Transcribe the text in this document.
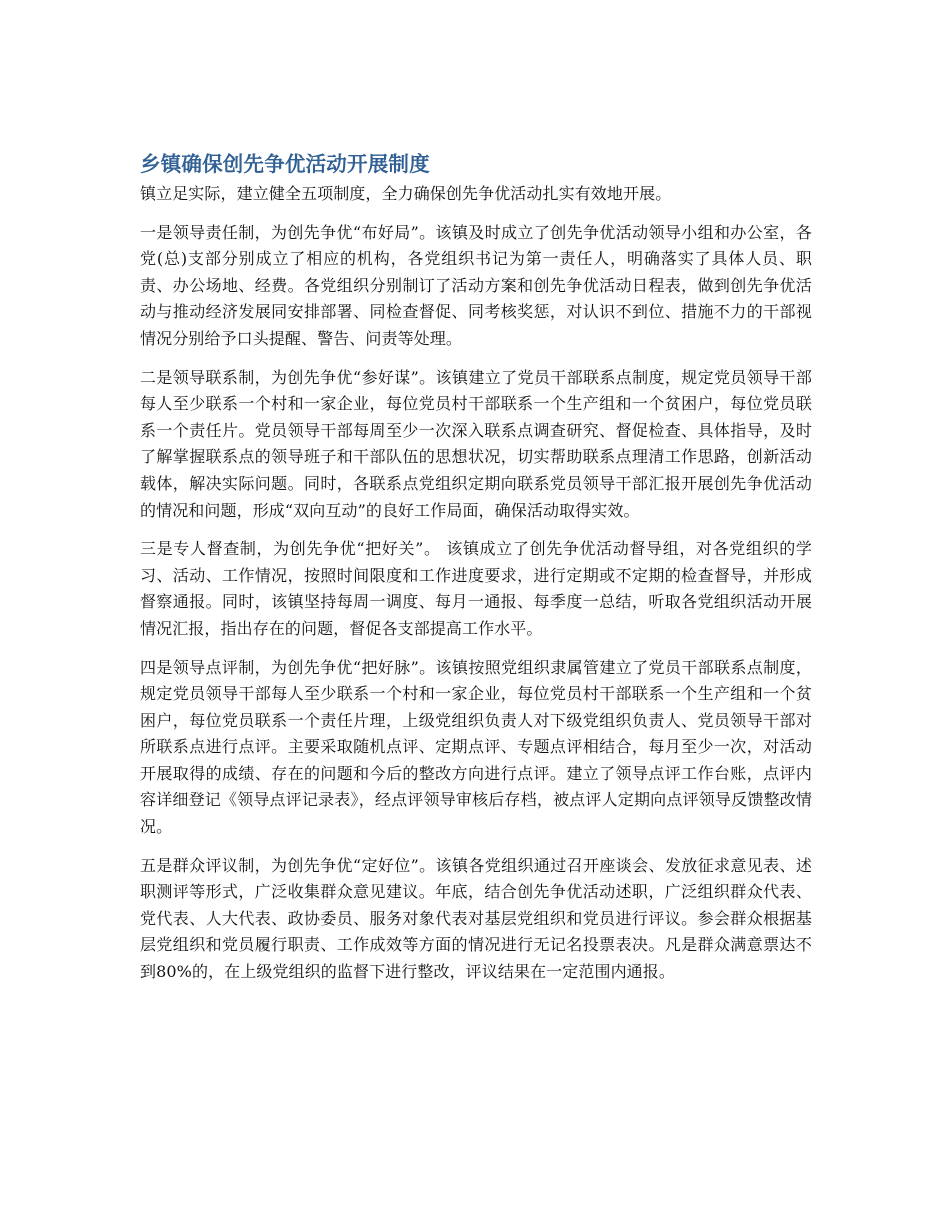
乡镇确保创先争优活动开展制度

镇立足实际，建立健全五项制度，全力确保创先争优活动扎实有效地开展。

一是领导责任制，为创先争优“布好局”。该镇及时成立了创先争优活动领导小组和办公室，各党(总)支部分别成立了相应的机构，各党组织书记为第一责任人，明确落实了具体人员、职责、办公场地、经费。各党组织分别制订了活动方案和创先争优活动日程表，做到创先争优活动与推动经济发展同安排部署、同检查督促、同考核奖惩，对认识不到位、措施不力的干部视情况分别给予口头提醒、警告、问责等处理。

二是领导联系制，为创先争优“参好谋”。该镇建立了党员干部联系点制度，规定党员领导干部每人至少联系一个村和一家企业，每位党员村干部联系一个生产组和一个贫困户，每位党员联系一个责任片。党员领导干部每周至少一次深入联系点调查研究、督促检查、具体指导，及时了解掌握联系点的领导班子和干部队伍的思想状况，切实帮助联系点理清工作思路，创新活动载体，解决实际问题。同时，各联系点党组织定期向联系党员领导干部汇报开展创先争优活动的情况和问题，形成“双向互动”的良好工作局面，确保活动取得实效。

三是专人督查制，为创先争优“把好关”。 该镇成立了创先争优活动督导组，对各党组织的学习、活动、工作情况，按照时间限度和工作进度要求，进行定期或不定期的检查督导，并形成督察通报。同时，该镇坚持每周一调度、每月一通报、每季度一总结，听取各党组织活动开展情况汇报，指出存在的问题，督促各支部提高工作水平。

四是领导点评制，为创先争优“把好脉”。该镇按照党组织隶属管建立了党员干部联系点制度，规定党员领导干部每人至少联系一个村和一家企业，每位党员村干部联系一个生产组和一个贫困户，每位党员联系一个责任片理，上级党组织负责人对下级党组织负责人、党员领导干部对所联系点进行点评。主要采取随机点评、定期点评、专题点评相结合，每月至少一次，对活动开展取得的成绩、存在的问题和今后的整改方向进行点评。建立了领导点评工作台账，点评内容详细登记《领导点评记录表》，经点评领导审核后存档，被点评人定期向点评领导反馈整改情况。

五是群众评议制，为创先争优“定好位”。该镇各党组织通过召开座谈会、发放征求意见表、述职测评等形式，广泛收集群众意见建议。年底，结合创先争优活动述职，广泛组织群众代表、党代表、人大代表、政协委员、服务对象代表对基层党组织和党员进行评议。参会群众根据基层党组织和党员履行职责、工作成效等方面的情况进行无记名投票表决。凡是群众满意票达不到80%的，在上级党组织的监督下进行整改，评议结果在一定范围内通报。
